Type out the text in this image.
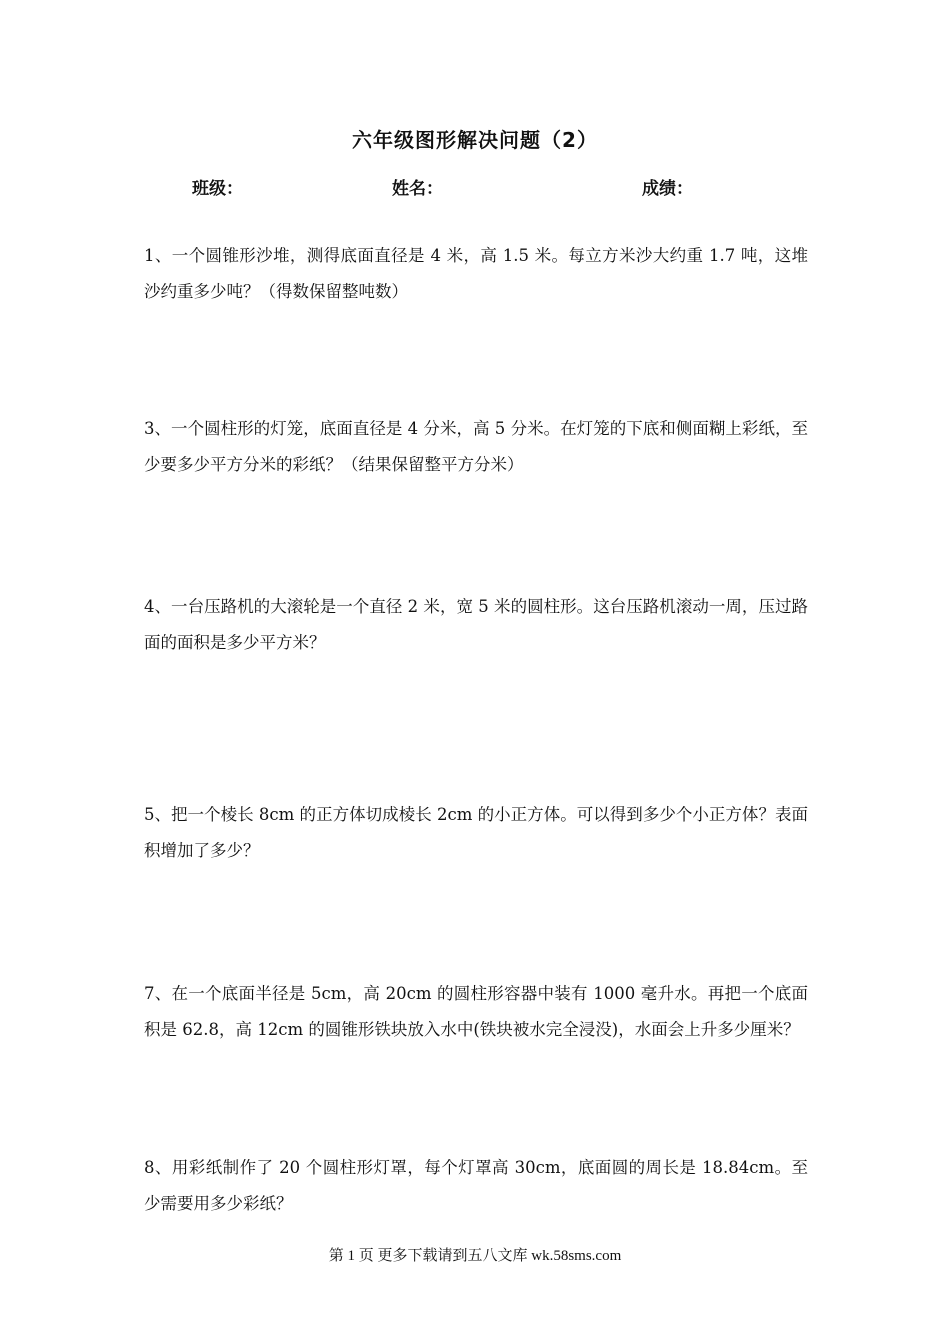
六年级图形解决问题（2）
班级：	姓名：	成绩：
1、一个圆锥形沙堆，测得底面直径是 4 米，高 1.5 米。每立方米沙大约重 1.7 吨，这堆沙约重多少吨？（得数保留整吨数）
3、一个圆柱形的灯笼，底面直径是 4 分米，高 5 分米。在灯笼的下底和侧面糊上彩纸，至少要多少平方分米的彩纸？（结果保留整平方分米）
4、一台压路机的大滚轮是一个直径 2 米，宽 5 米的圆柱形。这台压路机滚动一周，压过路面的面积是多少平方米？
5、把一个棱长 8cm 的正方体切成棱长 2cm 的小正方体。可以得到多少个小正方体？表面积增加了多少？
7、在一个底面半径是 5cm，高 20cm 的圆柱形容器中装有 1000 毫升水。再把一个底面积是 62.8，高 12cm 的圆锥形铁块放入水中(铁块被水完全浸没)，水面会上升多少厘米？
8、用彩纸制作了 20 个圆柱形灯罩，每个灯罩高 30cm，底面圆的周长是 18.84cm。至少需要用多少彩纸？
第 1 页 更多下载请到五八文库 wk.58sms.com
